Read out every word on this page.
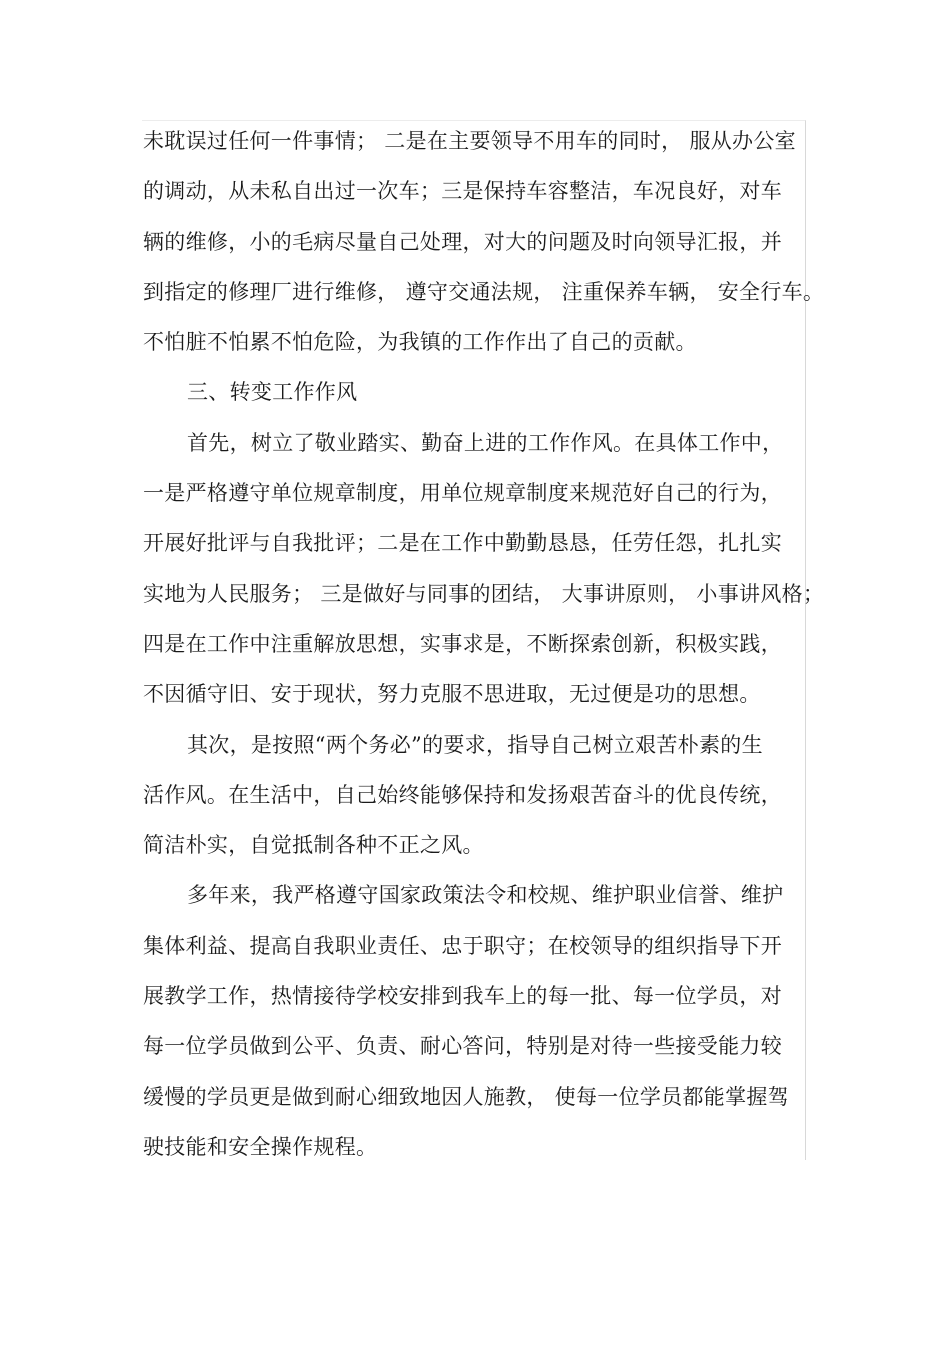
未耽误过任何一件事情； 二是在主要领导不用车的同时， 服从办公室
的调动，从未私自出过一次车；三是保持车容整洁，车况良好，对车
辆的维修，小的毛病尽量自己处理，对大的问题及时向领导汇报，并
到指定的修理厂进行维修， 遵守交通法规， 注重保养车辆， 安全行车。
不怕脏不怕累不怕危险，为我镇的工作作出了自己的贡献。
三、转变工作作风
首先，树立了敬业踏实、勤奋上进的工作作风。在具体工作中，
一是严格遵守单位规章制度，用单位规章制度来规范好自己的行为，
开展好批评与自我批评；二是在工作中勤勤恳恳，任劳任怨，扎扎实
实地为人民服务； 三是做好与同事的团结， 大事讲原则， 小事讲风格；
四是在工作中注重解放思想，实事求是，不断探索创新，积极实践，
不因循守旧、安于现状，努力克服不思进取，无过便是功的思想。
其次，是按照“两个务必”的要求，指导自己树立艰苦朴素的生
活作风。在生活中，自己始终能够保持和发扬艰苦奋斗的优良传统，
简洁朴实，自觉抵制各种不正之风。
多年来，我严格遵守国家政策法令和校规、维护职业信誉、维护
集体利益、提高自我职业责任、忠于职守；在校领导的组织指导下开
展教学工作，热情接待学校安排到我车上的每一批、每一位学员，对
每一位学员做到公平、负责、耐心答问，特别是对待一些接受能力较
缓慢的学员更是做到耐心细致地因人施教， 使每一位学员都能掌握驾
驶技能和安全操作规程。
